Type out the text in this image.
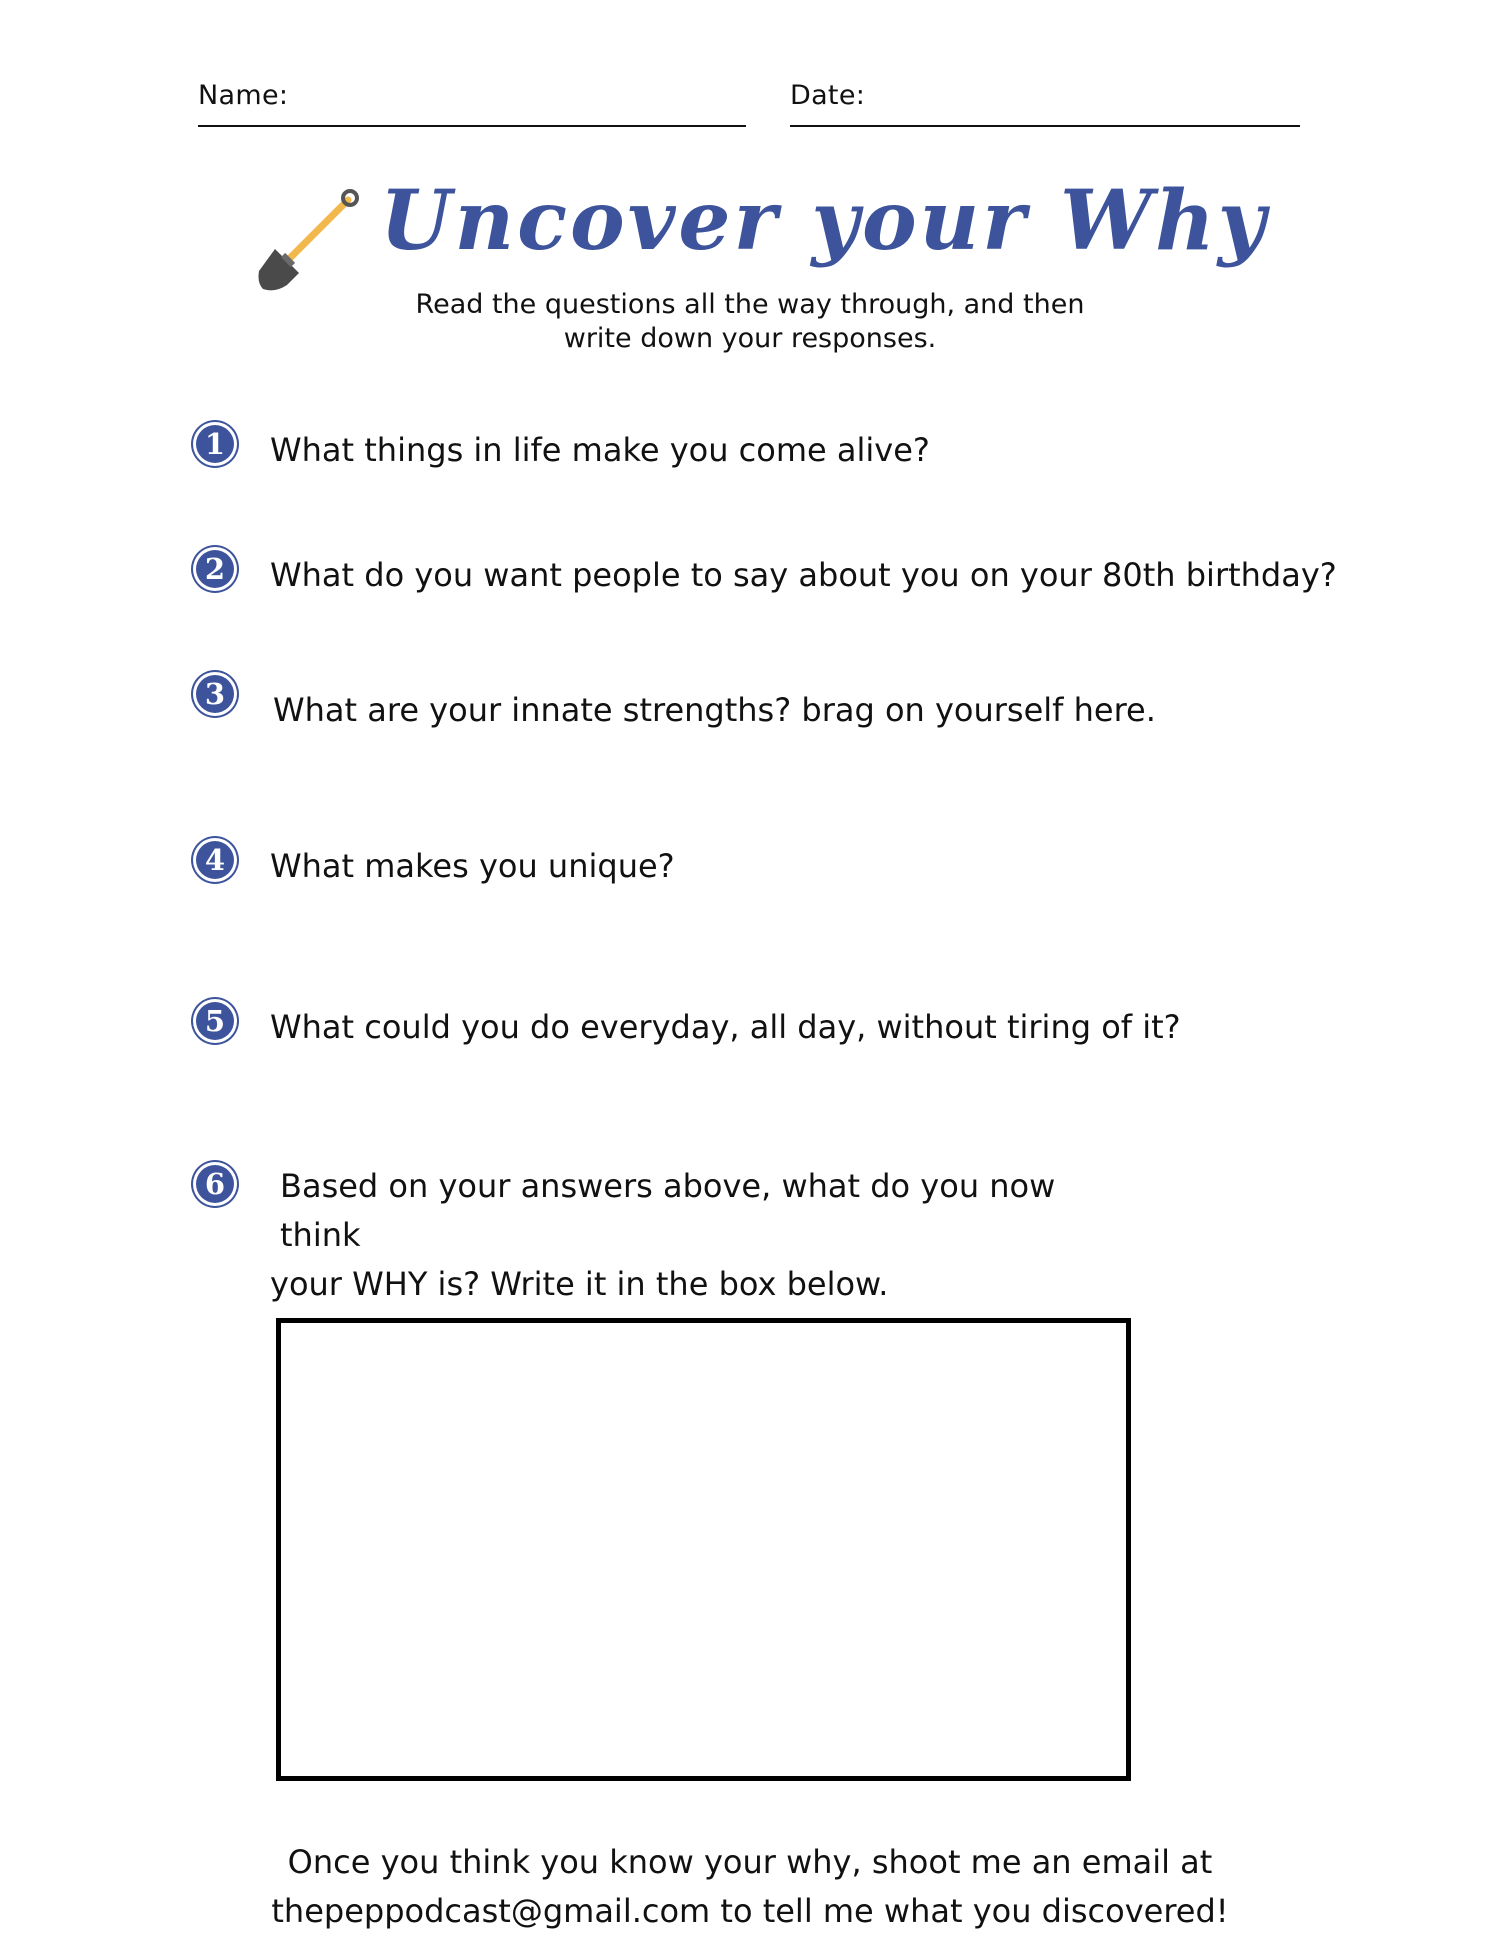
Name:	Date:
Uncover your Why
Read the questions all the way through, and then
write down your responses.
1	What things in life make you come alive?
2	What do you want people to say about you on your 80th birthday?
3	What are your innate strengths? brag on yourself here.
4	What makes you unique?
5	What could you do everyday, all day, without tiring of it?
6	Based on your answers above, what do you now think
your WHY is? Write it in the box below.
Once you think you know your why, shoot me an email at
thepeppodcast@gmail.com to tell me what you discovered!
